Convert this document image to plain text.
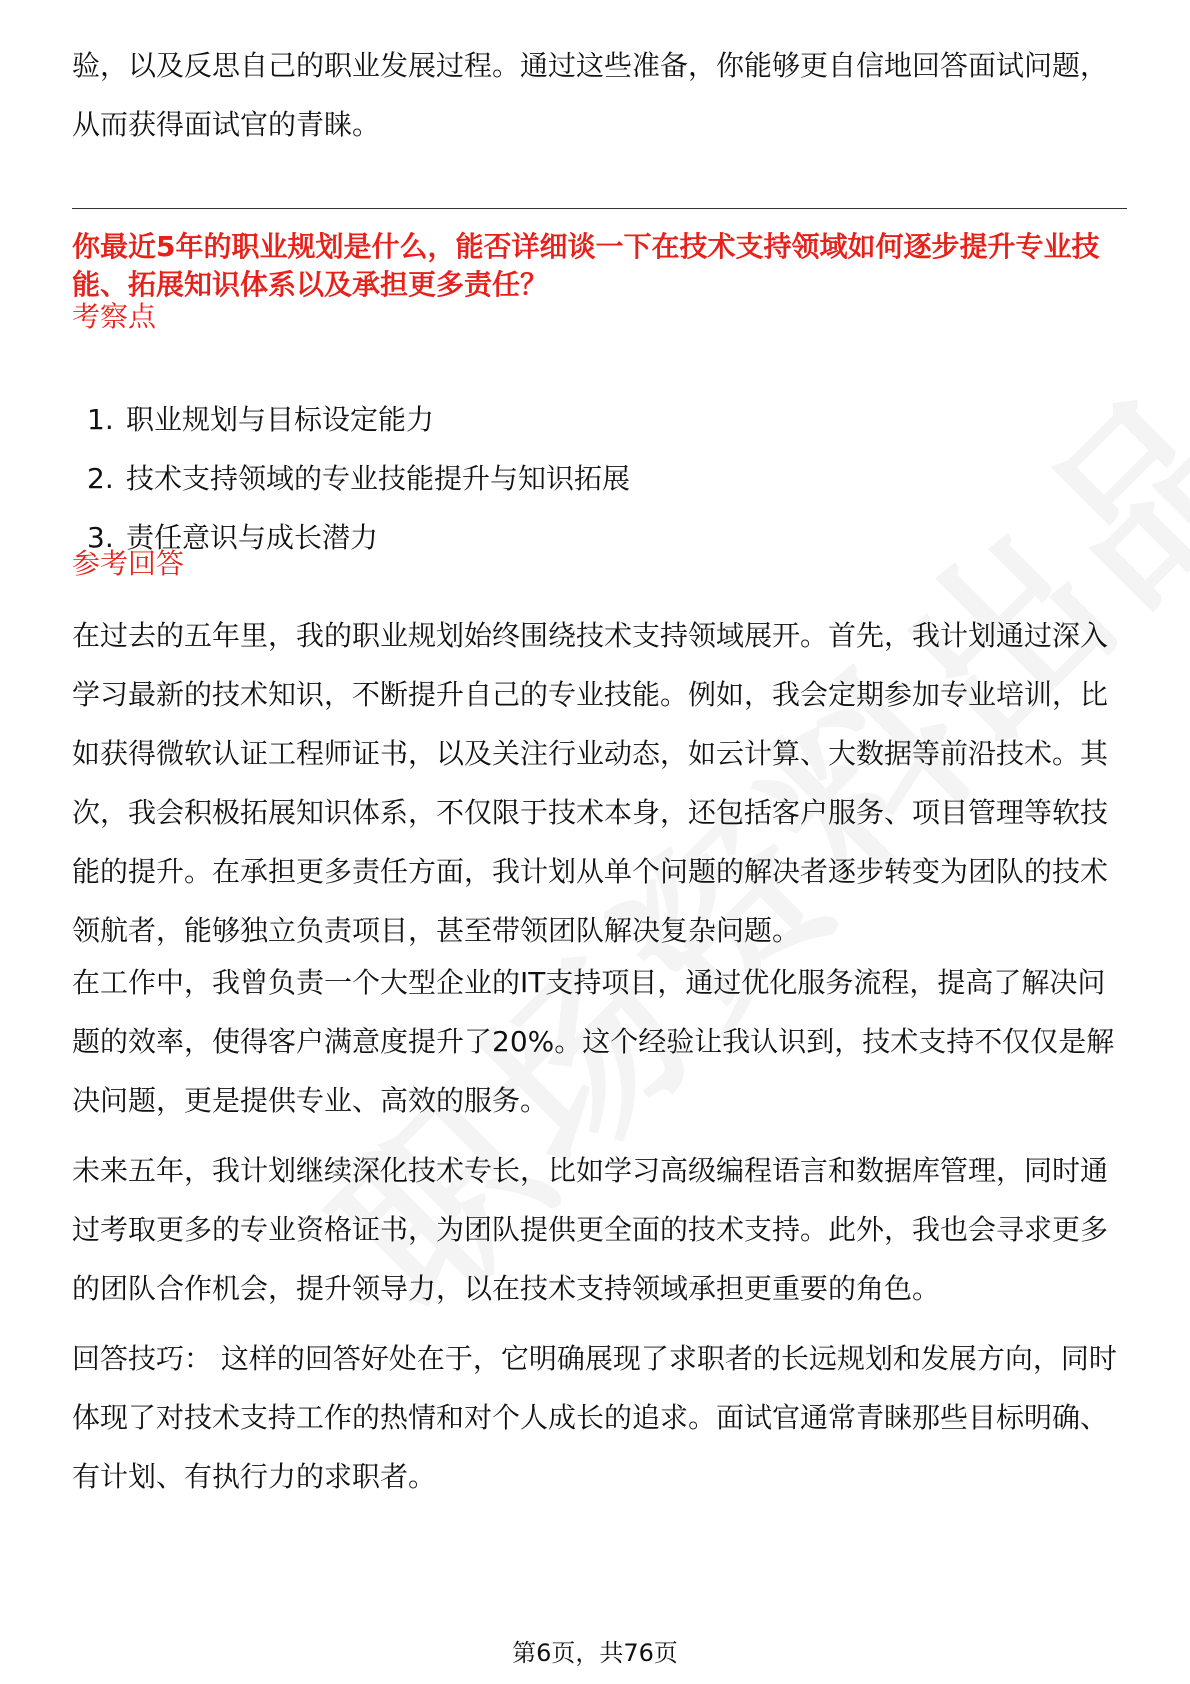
验，以及反思自己的职业发展过程。通过这些准备，你能够更自信地回答面试问题，从而获得面试官的青睐。

你最近5年的职业规划是什么，能否详细谈一下在技术支持领域如何逐步提升专业技能、拓展知识体系以及承担更多责任？

考察点
1. 职业规划与目标设定能力
2. 技术支持领域的专业技能提升与知识拓展
3. 责任意识与成长潜力
参考回答

在过去的五年里，我的职业规划始终围绕技术支持领域展开。首先，我计划通过深入学习最新的技术知识，不断提升自己的专业技能。例如，我会定期参加专业培训，比如获得微软认证工程师证书，以及关注行业动态，如云计算、大数据等前沿技术。其次，我会积极拓展知识体系，不仅限于技术本身，还包括客户服务、项目管理等软技能的提升。在承担更多责任方面，我计划从单个问题的解决者逐步转变为团队的技术领航者，能够独立负责项目，甚至带领团队解决复杂问题。

在工作中，我曾负责一个大型企业的IT支持项目，通过优化服务流程，提高了解决问题的效率，使得客户满意度提升了20%。这个经验让我认识到，技术支持不仅仅是解决问题，更是提供专业、高效的服务。

未来五年，我计划继续深化技术专长，比如学习高级编程语言和数据库管理，同时通过考取更多的专业资格证书，为团队提供更全面的技术支持。此外，我也会寻求更多的团队合作机会，提升领导力，以在技术支持领域承担更重要的角色。

回答技巧： 这样的回答好处在于，它明确展现了求职者的长远规划和发展方向，同时体现了对技术支持工作的热情和对个人成长的追求。面试官通常青睐那些目标明确、有计划、有执行力的求职者。

第6页，共76页
